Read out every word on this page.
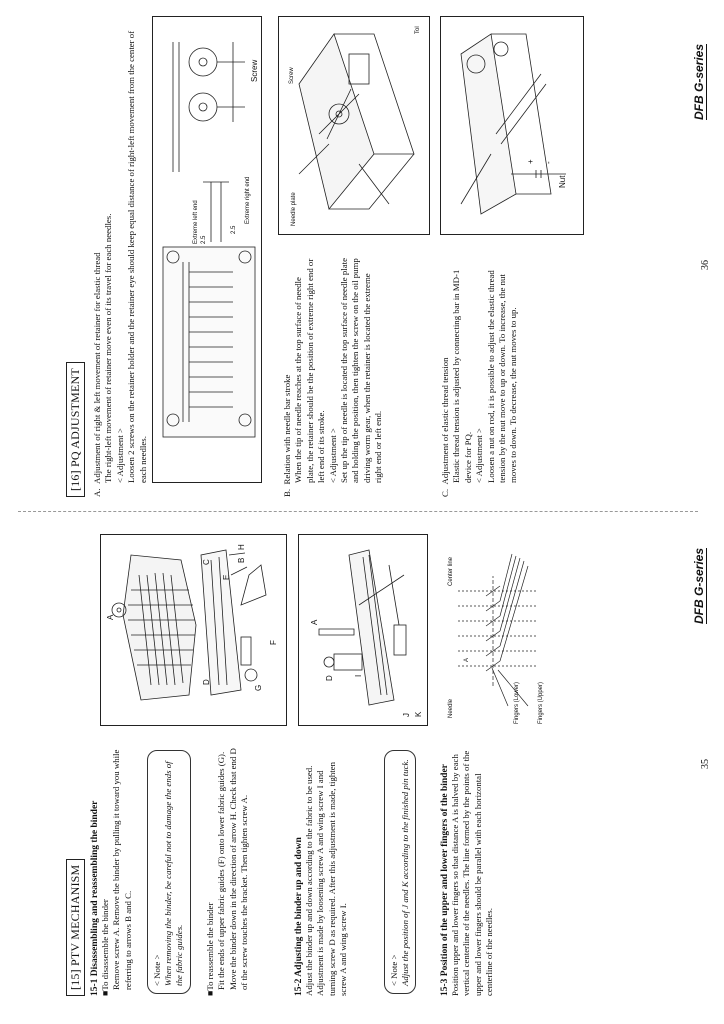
[15] PTV MECHANISM 15-1 Disassembling and reassembling the binder ■To disassemble the binder Remove screw A. Remove the binder by pulling it toward you while referring to arrows B and C. < Note > When removing the binder, be careful not to damage the ends of the fabric guides. ■To reassemble the binder Fit the ends of upper fabric guides (F) onto lower fabric guides (G). Move the binder down in the direction of arrow H. Check that end D of the screw touches the bracket. Then tighten screw A.	15-2 Adjusting the binder up and down Adjust the binder up and down according to the fabric to be used. Adjustment is made by loosening screw A and wing screw I and turning screw D as required. After this adjustment is made, tighten screw A and wing screw I.	< Note > Adjust the position of J and K according to the finished pin tuck.	15-3 Position of the upper and lower fingers of the binder Position upper and lower fingers so that distance A is halved by each vertical centerline of the needles. The line formed by the points of the upper and lower fingers should be parallel with each horizontal centerline of the needles.

A
C
D
E
B
H
G
F
D
A
I
J K	Needle
Center line
Fingers (Lower)	Fingers (Upper)
A
35
DFB G-series
[16] PQ ADJUSTMENT

A.  Adjustment of right & left movement of retainer for elastic thread The right-left movement of retainer move even of its travel for each needles. < Adjustment > Loosen 2 screws on the retainer holder and the retainer eye should keep equal distance of right-left movement from the center of each needles.

2.5
2.5
Extreme left end	Extreme right end
Screw

B.  Relation with needle bar stroke When the tip of needle reaches at the top surface of needle plate, the retainer should be the position of extreme right end or left end of its stroke. < Adjustment > Set up the tip of needle is located the top surface of needle plate and holding the position, then tighten the screw on the oil pump driving worm gear, when the retainer is located the extreme right end or left end.

Needle plate
Screw
Tol

C.  Adjustment of elastic thread tension Elastic thread tension is adjusted by connecting bar in MD-1 device for PQ. < Adjustment > Loosen a nut on rod, it is possible to adjust the elastic thread tension by the nut move to up or down. To increase, the nut moves to down. To decrease, the nut moves to up.

Nut
+ -
36
DFB G-series
